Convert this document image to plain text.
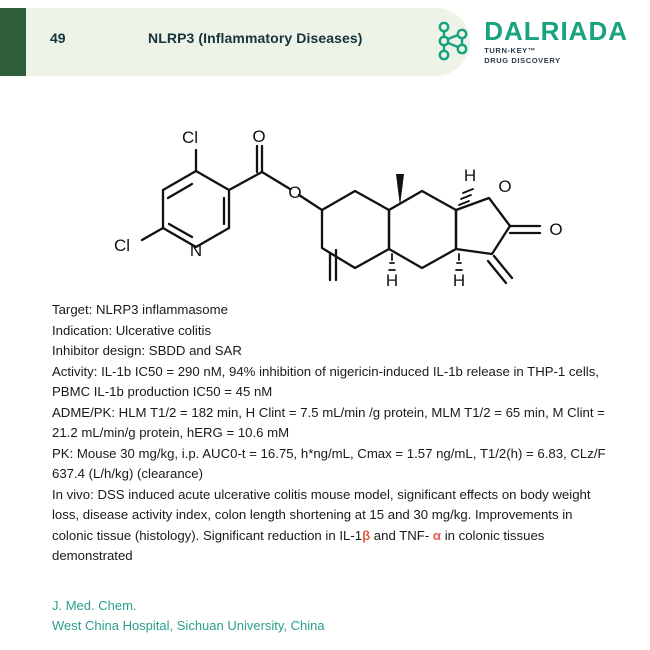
49	NLRP3 (Inflammatory Diseases)	DALRIADA
TURN-KEY™
DRUG DISCOVERY
Cl
Cl	N
O
O
H
O
O
H	H

Target: NLRP3 inflammasome

Indication: Ulcerative colitis

Inhibitor design: SBDD and SAR

Activity: IL-1b IC50 = 290 nM, 94% inhibition of nigericin-induced IL-1b release in THP-1 cells, PBMC IL-1b production IC50 = 45 nM

ADME/PK: HLM T1/2 = 182 min, H Clint = 7.5 mL/min /g protein, MLM T1/2 = 65 min, M Clint = 21.2 mL/min/g protein, hERG = 10.6 mM

PK: Mouse 30 mg/kg, i.p. AUC0-t = 16.75, h*ng/mL, Cmax = 1.57 ng/mL, T1/2(h) = 6.83, CLz/F 637.4 (L/h/kg) (clearance)

In vivo: DSS induced acute ulcerative colitis mouse model, significant effects on body weight loss, disease activity index, colon length shortening at 15 and 30 mg/kg. Improvements in colonic tissue (histology). Significant reduction in IL-1β and TNF- α in colonic tissues demonstrated

J. Med. Chem.

West China Hospital, Sichuan University, China
